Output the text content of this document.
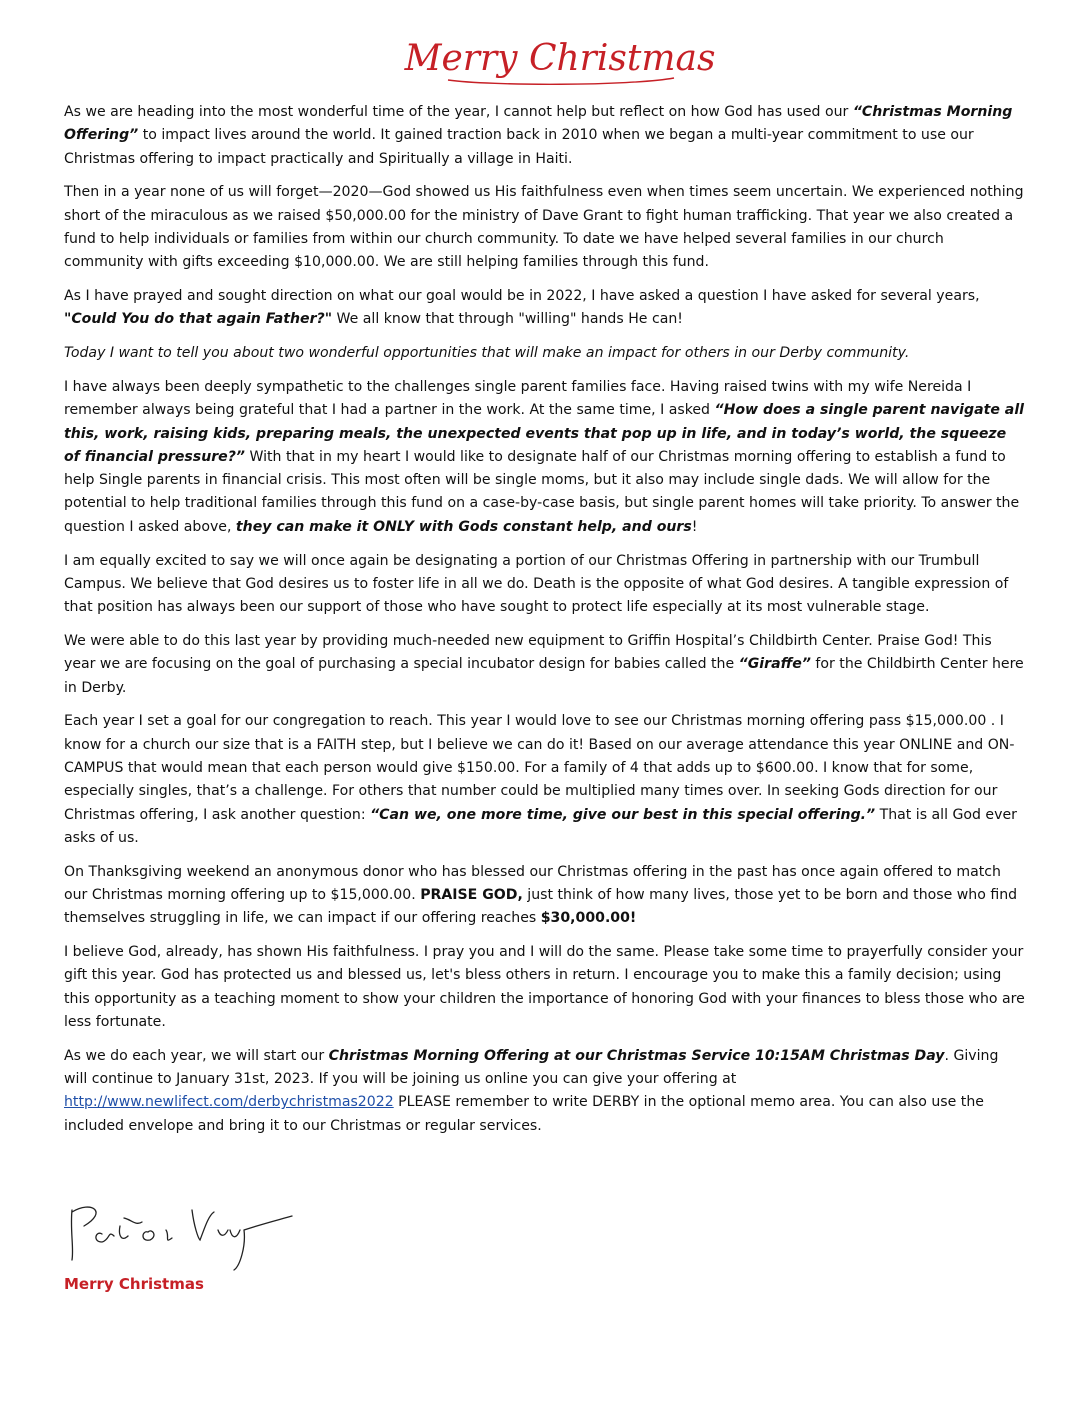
Merry Christmas

As we are heading into the most wonderful time of the year, I cannot help but reflect on how God has used our “Christmas Morning Offering” to impact lives around the world. It gained traction back in 2010 when we began a multi-year commitment to use our Christmas offering to impact practically and Spiritually a village in Haiti.

Then in a year none of us will forget—2020—God showed us His faithfulness even when times seem uncertain. We experienced nothing short of the miraculous as we raised $50,000.00 for the ministry of Dave Grant to fight human trafficking. That year we also created a fund to help individuals or families from within our church community. To date we have helped several families in our church community with gifts exceeding $10,000.00. We are still helping families through this fund.

As I have prayed and sought direction on what our goal would be in 2022, I have asked a question I have asked for several years, "Could You do that again Father?" We all know that through "willing" hands He can!

Today I want to tell you about two wonderful opportunities that will make an impact for others in our Derby community.

I have always been deeply sympathetic to the challenges single parent families face. Having raised twins with my wife Nereida I remember always being grateful that I had a partner in the work. At the same time, I asked “How does a single parent navigate all this, work, raising kids, preparing meals, the unexpected events that pop up in life, and in today’s world, the squeeze of financial pressure?” With that in my heart I would like to designate half of our Christmas morning offering to establish a fund to help Single parents in financial crisis. This most often will be single moms, but it also may include single dads. We will allow for the potential to help traditional families through this fund on a case-by-case basis, but single parent homes will take priority. To answer the question I asked above, they can make it ONLY with Gods constant help, and ours!

I am equally excited to say we will once again be designating a portion of our Christmas Offering in partnership with our Trumbull Campus. We believe that God desires us to foster life in all we do. Death is the opposite of what God desires. A tangible expression of that position has always been our support of those who have sought to protect life especially at its most vulnerable stage.

We were able to do this last year by providing much-needed new equipment to Griffin Hospital’s Childbirth Center. Praise God! This year we are focusing on the goal of purchasing a special incubator design for babies called the “Giraffe” for the Childbirth Center here in Derby.

Each year I set a goal for our congregation to reach. This year I would love to see our Christmas morning offering pass $15,000.00 . I know for a church our size that is a FAITH step, but I believe we can do it! Based on our average attendance this year ONLINE and ON-CAMPUS that would mean that each person would give $150.00. For a family of 4 that adds up to $600.00. I know that for some, especially singles, that’s a challenge. For others that number could be multiplied many times over. In seeking Gods direction for our Christmas offering, I ask another question: “Can we, one more time, give our best in this special offering.” That is all God ever asks of us.

On Thanksgiving weekend an anonymous donor who has blessed our Christmas offering in the past has once again offered to match our Christmas morning offering up to $15,000.00. PRAISE GOD, just think of how many lives, those yet to be born and those who find themselves struggling in life, we can impact if our offering reaches $30,000.00!

I believe God, already, has shown His faithfulness. I pray you and I will do the same. Please take some time to prayerfully consider your gift this year. God has protected us and blessed us, let's bless others in return. I encourage you to make this a family decision; using this opportunity as a teaching moment to show your children the importance of honoring God with your finances to bless those who are less fortunate.

As we do each year, we will start our Christmas Morning Offering at our Christmas Service 10:15AM Christmas Day. Giving will continue to January 31st, 2023. If you will be joining us online you can give your offering at http://www.newlifect.com/derbychristmas2022 PLEASE remember to write DERBY in the optional memo area. You can also use the included envelope and bring it to our Christmas or regular services.

Merry Christmas
